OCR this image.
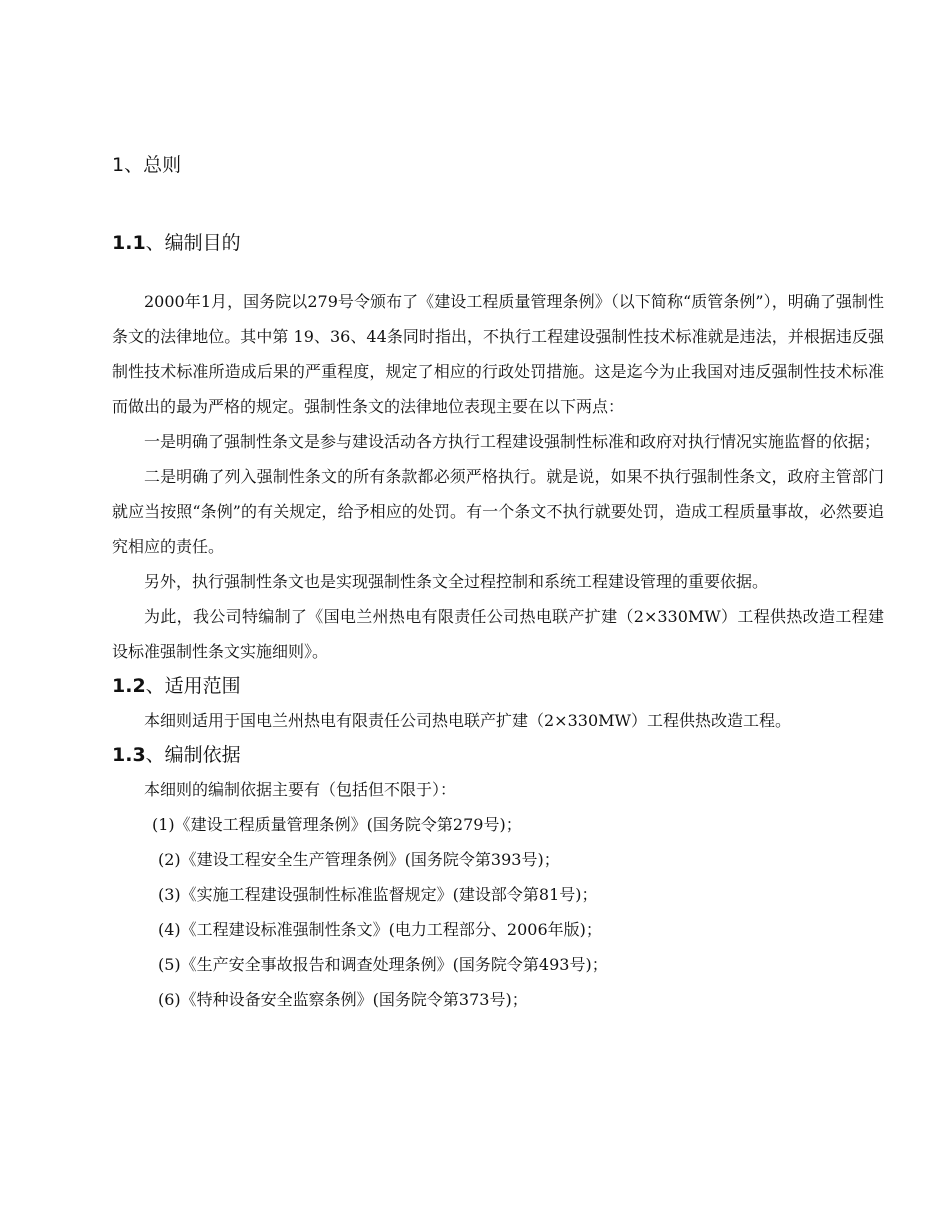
1、总则
1.1、编制目的

2000年1月，国务院以279号令颁布了《建设工程质量管理条例》（以下简称“质管条例”），明确了强制性条文的法律地位。其中第 19、36、44条同时指出，不执行工程建设强制性技术标准就是违法，并根据违反强制性技术标准所造成后果的严重程度，规定了相应的行政处罚措施。这是迄今为止我国对违反强制性技术标准而做出的最为严格的规定。强制性条文的法律地位表现主要在以下两点：

一是明确了强制性条文是参与建设活动各方执行工程建设强制性标准和政府对执行情况实施监督的依据；

二是明确了列入强制性条文的所有条款都必须严格执行。就是说，如果不执行强制性条文，政府主管部门就应当按照“条例”的有关规定，给予相应的处罚。有一个条文不执行就要处罚，造成工程质量事故，必然要追究相应的责任。

另外，执行强制性条文也是实现强制性条文全过程控制和系统工程建设管理的重要依据。

为此，我公司特编制了《国电兰州热电有限责任公司热电联产扩建（2×330MW）工程供热改造工程建设标准强制性条文实施细则》。

1.2、适用范围

本细则适用于国电兰州热电有限责任公司热电联产扩建（2×330MW）工程供热改造工程。

1.3、编制依据

本细则的编制依据主要有（包括但不限于）：

(1)《建设工程质量管理条例》(国务院令第279号)；
(2)《建设工程安全生产管理条例》(国务院令第393号)；
(3)《实施工程建设强制性标准监督规定》(建设部令第81号)；
(4)《工程建设标准强制性条文》(电力工程部分、2006年版)；
(5)《生产安全事故报告和调查处理条例》(国务院令第493号)；
(6)《特种设备安全监察条例》(国务院令第373号)；
